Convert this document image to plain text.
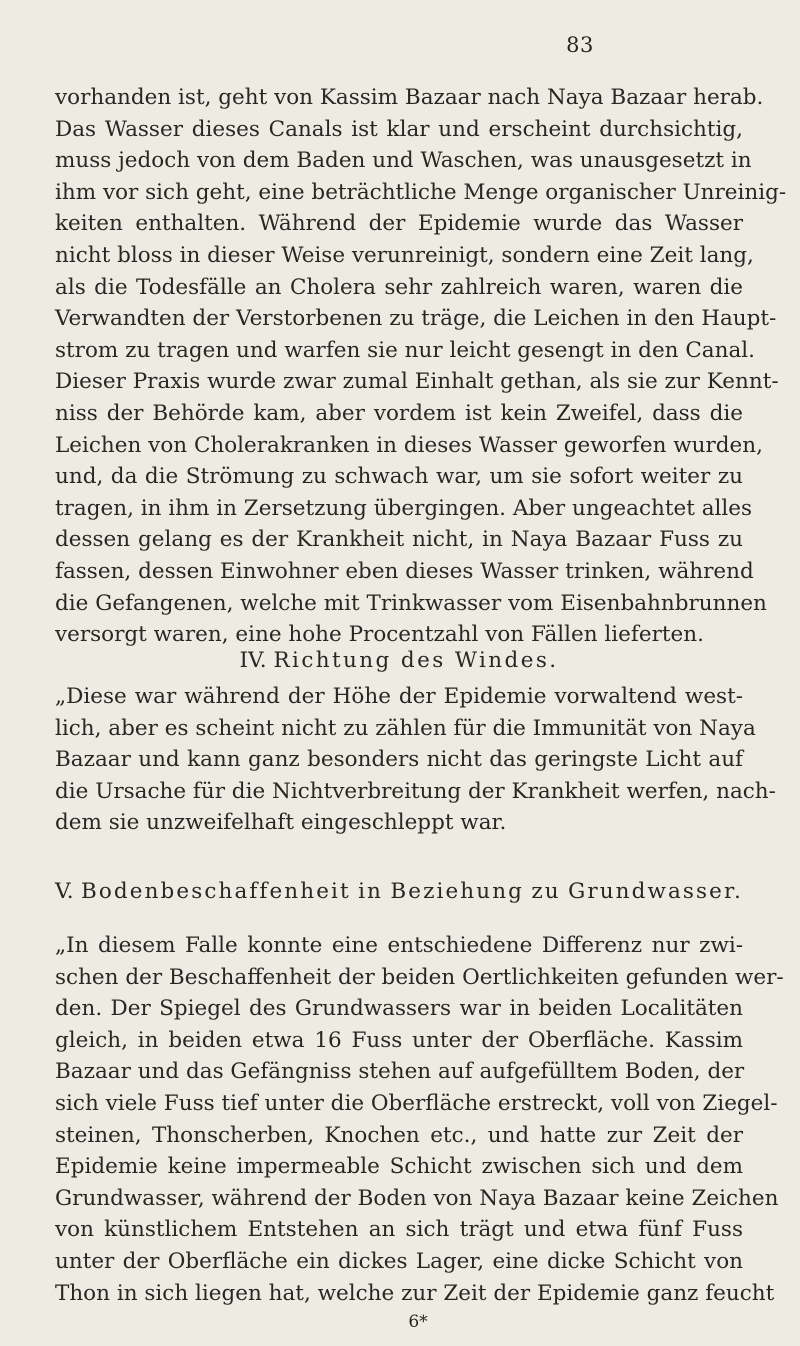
83
vorhanden ist, geht von Kassim Bazaar nach Naya Bazaar herab.
Das Wasser dieses Canals ist klar und erscheint durchsichtig,
muss jedoch von dem Baden und Waschen, was unausgesetzt in
ihm vor sich geht, eine beträchtliche Menge organischer Unreinig-
keiten enthalten. Während der Epidemie wurde das Wasser
nicht bloss in dieser Weise verunreinigt, sondern eine Zeit lang,
als die Todesfälle an Cholera sehr zahlreich waren, waren die
Verwandten der Verstorbenen zu träge, die Leichen in den Haupt-
strom zu tragen und warfen sie nur leicht gesengt in den Canal.
Dieser Praxis wurde zwar zumal Einhalt gethan, als sie zur Kennt-
niss der Behörde kam, aber vordem ist kein Zweifel, dass die
Leichen von Cholerakranken in dieses Wasser geworfen wurden,
und, da die Strömung zu schwach war, um sie sofort weiter zu
tragen, in ihm in Zersetzung übergingen. Aber ungeachtet alles
dessen gelang es der Krankheit nicht, in Naya Bazaar Fuss zu
fassen, dessen Einwohner eben dieses Wasser trinken, während
die Gefangenen, welche mit Trinkwasser vom Eisenbahnbrunnen
versorgt waren, eine hohe Procentzahl von Fällen lieferten.
IV. Richtung des Windes.
„Diese war während der Höhe der Epidemie vorwaltend west-
lich, aber es scheint nicht zu zählen für die Immunität von Naya
Bazaar und kann ganz besonders nicht das geringste Licht auf
die Ursache für die Nichtverbreitung der Krankheit werfen, nach-
dem sie unzweifelhaft eingeschleppt war.
V. Bodenbeschaffenheit in Beziehung zu Grundwasser.
„In diesem Falle konnte eine entschiedene Differenz nur zwi-
schen der Beschaffenheit der beiden Oertlichkeiten gefunden wer-
den. Der Spiegel des Grundwassers war in beiden Localitäten
gleich, in beiden etwa 16 Fuss unter der Oberfläche. Kassim
Bazaar und das Gefängniss stehen auf aufgefülltem Boden, der
sich viele Fuss tief unter die Oberfläche erstreckt, voll von Ziegel-
steinen, Thonscherben, Knochen etc., und hatte zur Zeit der
Epidemie keine impermeable Schicht zwischen sich und dem
Grundwasser, während der Boden von Naya Bazaar keine Zeichen
von künstlichem Entstehen an sich trägt und etwa fünf Fuss
unter der Oberfläche ein dickes Lager, eine dicke Schicht von
Thon in sich liegen hat, welche zur Zeit der Epidemie ganz feucht
6*
